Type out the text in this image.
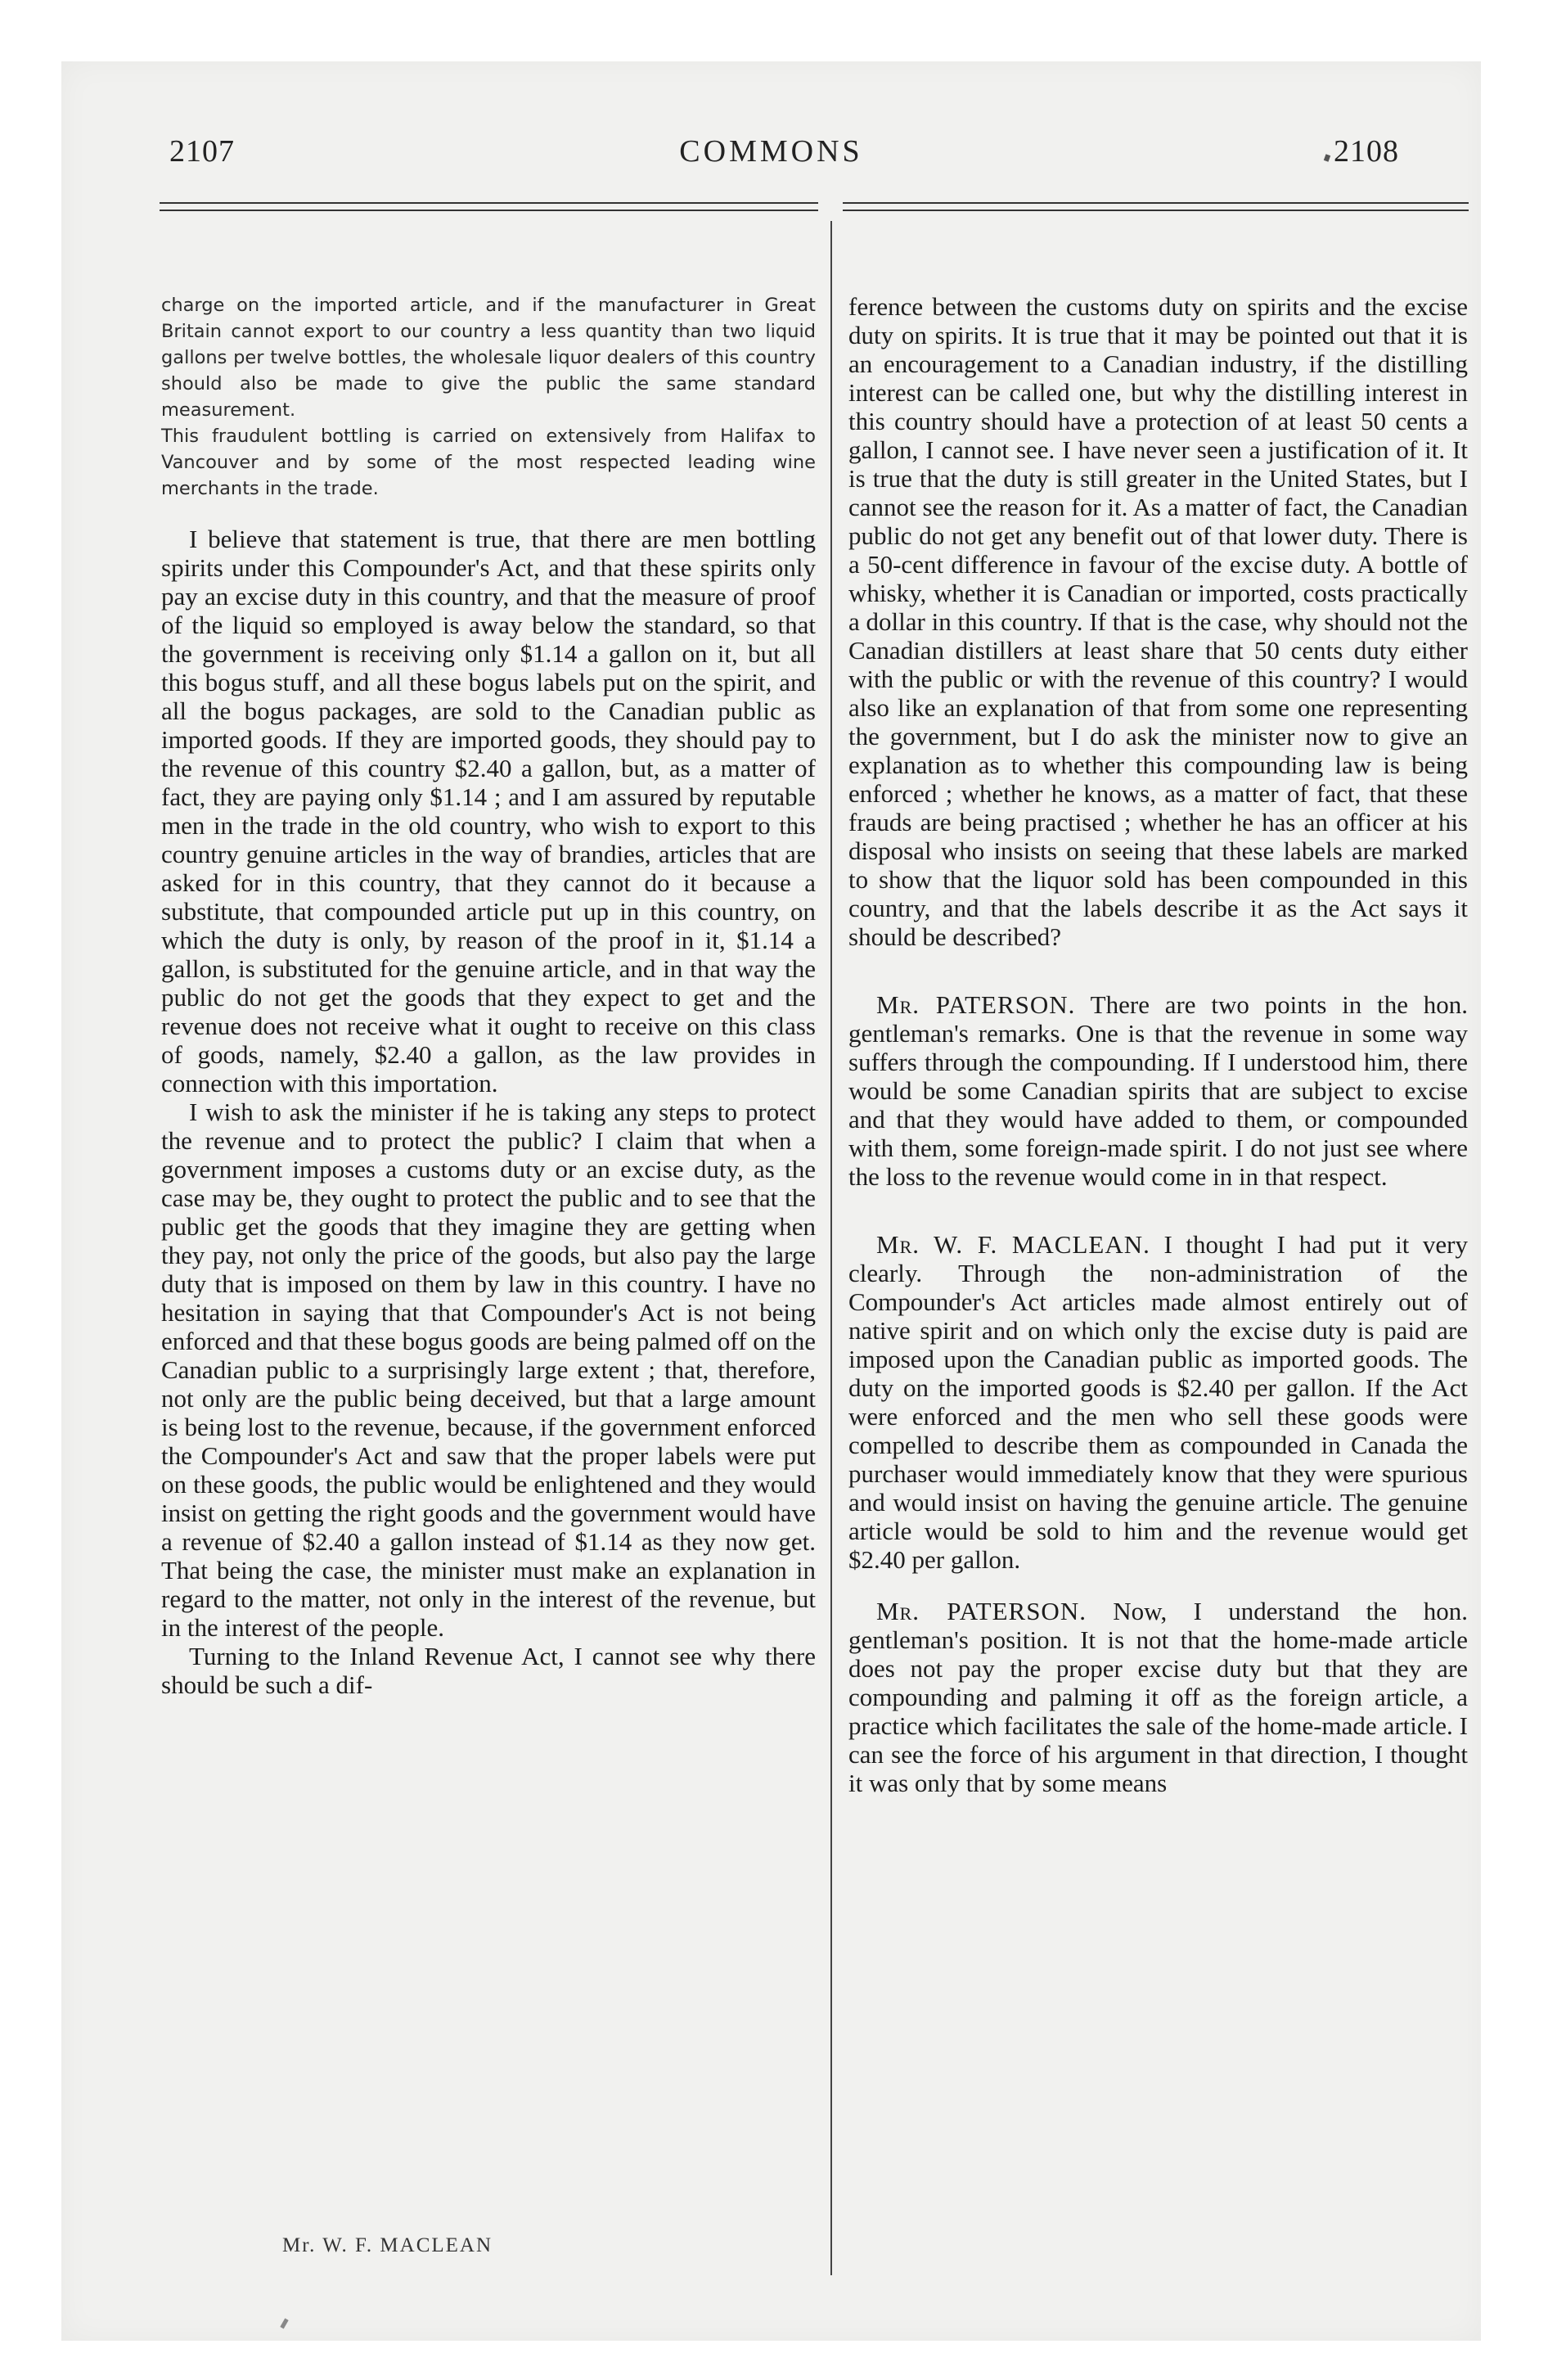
2107	COMMONS	2108

charge on the imported article, and if the manufacturer in Great Britain cannot export to our country a less quantity than two liquid gallons per twelve bottles, the wholesale liquor dealers of this country should also be made to give the public the same standard measurement.

This fraudulent bottling is carried on extensively from Halifax to Vancouver and by some of the most respected leading wine merchants in the trade.

I believe that statement is true, that there are men bottling spirits under this Compounder's Act, and that these spirits only pay an excise duty in this country, and that the measure of proof of the liquid so employed is away below the standard, so that the government is receiving only $1.14 a gallon on it, but all this bogus stuff, and all these bogus labels put on the spirit, and all the bogus packages, are sold to the Canadian public as imported goods. If they are imported goods, they should pay to the revenue of this country $2.40 a gallon, but, as a matter of fact, they are paying only $1.14 ; and I am assured by reputable men in the trade in the old country, who wish to export to this country genuine articles in the way of brandies, articles that are asked for in this country, that they cannot do it because a substitute, that compounded article put up in this country, on which the duty is only, by reason of the proof in it, $1.14 a gallon, is substituted for the genuine article, and in that way the public do not get the goods that they expect to get and the revenue does not receive what it ought to receive on this class of goods, namely, $2.40 a gallon, as the law provides in connection with this importation.

I wish to ask the minister if he is taking any steps to protect the revenue and to protect the public? I claim that when a government imposes a customs duty or an excise duty, as the case may be, they ought to protect the public and to see that the public get the goods that they imagine they are getting when they pay, not only the price of the goods, but also pay the large duty that is imposed on them by law in this country. I have no hesitation in saying that that Compounder's Act is not being enforced and that these bogus goods are being palmed off on the Canadian public to a surprisingly large extent ; that, therefore, not only are the public being deceived, but that a large amount is being lost to the revenue, because, if the government enforced the Compounder's Act and saw that the proper labels were put on these goods, the public would be enlightened and they would insist on getting the right goods and the government would have a revenue of $2.40 a gallon instead of $1.14 as they now get. That being the case, the minister must make an explanation in regard to the matter, not only in the interest of the revenue, but in the interest of the people.

Turning to the Inland Revenue Act, I cannot see why there should be such a dif-

ference between the customs duty on spirits and the excise duty on spirits. It is true that it may be pointed out that it is an encouragement to a Canadian industry, if the distilling interest can be called one, but why the distilling interest in this country should have a protection of at least 50 cents a gallon, I cannot see. I have never seen a justification of it. It is true that the duty is still greater in the United States, but I cannot see the reason for it. As a matter of fact, the Canadian public do not get any benefit out of that lower duty. There is a 50-cent difference in favour of the excise duty. A bottle of whisky, whether it is Canadian or imported, costs practically a dollar in this country. If that is the case, why should not the Canadian distillers at least share that 50 cents duty either with the public or with the revenue of this country? I would also like an explanation of that from some one representing the government, but I do ask the minister now to give an explanation as to whether this compounding law is being enforced ; whether he knows, as a matter of fact, that these frauds are being practised ; whether he has an officer at his disposal who insists on seeing that these labels are marked to show that the liquor sold has been compounded in this country, and that the labels describe it as the Act says it should be described?

Mr. PATERSON. There are two points in the hon. gentleman's remarks. One is that the revenue in some way suffers through the compounding. If I understood him, there would be some Canadian spirits that are subject to excise and that they would have added to them, or compounded with them, some foreign-made spirit. I do not just see where the loss to the revenue would come in in that respect.

Mr. W. F. MACLEAN. I thought I had put it very clearly. Through the non-administration of the Compounder's Act articles made almost entirely out of native spirit and on which only the excise duty is paid are imposed upon the Canadian public as imported goods. The duty on the imported goods is $2.40 per gallon. If the Act were enforced and the men who sell these goods were compelled to describe them as compounded in Canada the purchaser would immediately know that they were spurious and would insist on having the genuine article. The genuine article would be sold to him and the revenue would get $2.40 per gallon.

Mr. PATERSON. Now, I understand the hon. gentleman's position. It is not that the home-made article does not pay the proper excise duty but that they are compounding and palming it off as the foreign article, a practice which facilitates the sale of the home-made article. I can see the force of his argument in that direction, I thought it was only that by some means

Mr. W. F. MACLEAN
